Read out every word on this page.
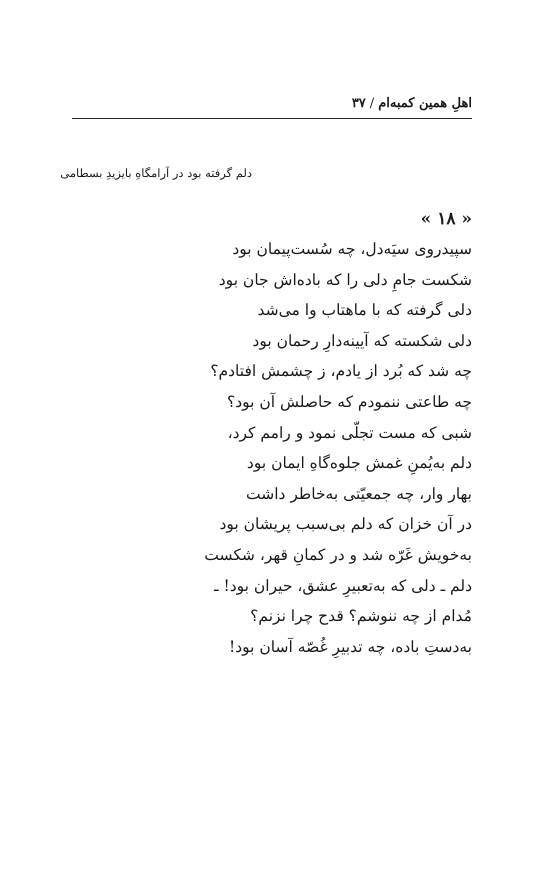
اهلِ همین کمبه‌ام/۳۷
دلم گرفته بود در آرامگاهِ بایزیدِ بسطامی
« ۱۸ »
سپیدروی سیَه‌دل، چه سُست‌پیمان بود
شکست جامِ دلی را که باده‌اش جان بود
دلی گرفته که با ماهتاب وا می‌شد
دلی شکسته که آیینه‌دارِ رحمان بود
چه شد که بُرد از یادم، ز چشمش افتادم؟
چه طاعتی ننمودم که حاصلش آن بود؟
شبی که مست تجلّی نمود و رامم کرد،
دلم به‌یُمنِ غمش جلوه‌گاهِ ایمان بود
بهار وار، چه جمعیّتی به‌خاطر داشت
در آن خزان که دلم بی‌سبب پریشان بود
به‌خویش غَرّه شد و در کمانِ قهر، شکست
دلم ـ دلی که به‌تعبیرِ عشق، حیران بود! ـ
مُدام از چه ننوشم؟ قدح چرا نزنم؟
به‌دستِ باده، چه تدبیرِ غُصّه آسان بود!
